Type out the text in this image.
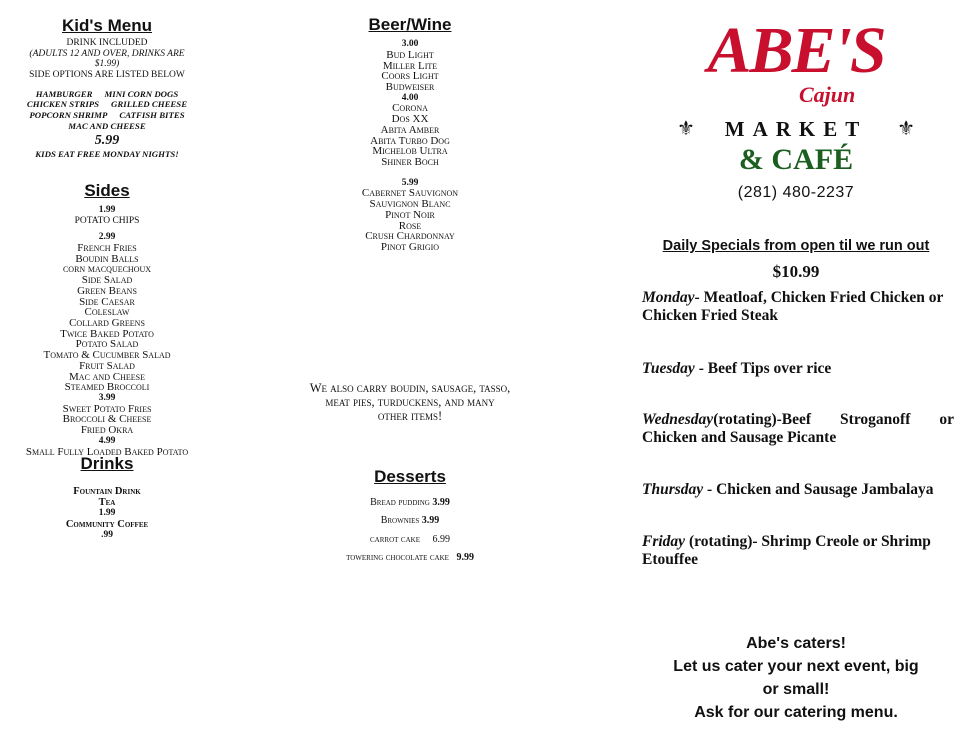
Kid's Menu
DRINK INCLUDED
(ADULTS 12 AND OVER, DRINKS ARE
$1.99)
SIDE OPTIONS ARE LISTED BELOW
HAMBURGER MINI CORN DOGS
CHICKEN STRIPS GRILLED CHEESE
POPCORN SHRIMP CATFISH BITES
MAC AND CHEESE
5.99
KIDS EAT FREE MONDAY NIGHTS!
Sides
1.99
POTATO CHIPS
2.99
French Fries
Boudin Balls
corn macquechoux
Side Salad
Green Beans
Side Caesar
Coleslaw
Collard Greens
Twice Baked Potato
Potato Salad
Tomato & Cucumber Salad
Fruit Salad
Mac and Cheese
Steamed Broccoli
3.99
Sweet Potato Fries
Broccoli & Cheese
Fried Okra
4.99
Small Fully Loaded Baked Potato
Drinks
Fountain Drink
Tea
1.99
Community Coffee
.99
Beer/Wine
3.00
Bud Light
Miller Lite
Coors Light
Budweiser
4.00
Corona
Dos XX
Abita Amber
Abita Turbo Dog
Michelob Ultra
Shiner Boch
5.99
Cabernet Sauvignon
Sauvignon Blanc
Pinot Noir
Rose
Crush Chardonnay
Pinot Grigio
We also carry boudin, sausage, tasso,
meat pies, turduckens, and many
other items!
Desserts
Bread pudding 3.99
Brownies 3.99
carrot cake 6.99
towering chocolate cake 9.99
ABE'S
Cajun
⚜	MARKET	⚜
& CAFÉ
(281) 480-2237
Daily Specials from open til we run out
$10.99
Monday- Meatloaf, Chicken Fried Chicken or Chicken Fried Steak
Tuesday - Beef Tips over rice
Wednesday(rotating)-Beef Stroganoff or Chicken and Sausage Picante
Thursday - Chicken and Sausage Jambalaya
Friday (rotating)- Shrimp Creole or Shrimp Etouffee
Abe's caters!
Let us cater your next event, big
or small!
Ask for our catering menu.
